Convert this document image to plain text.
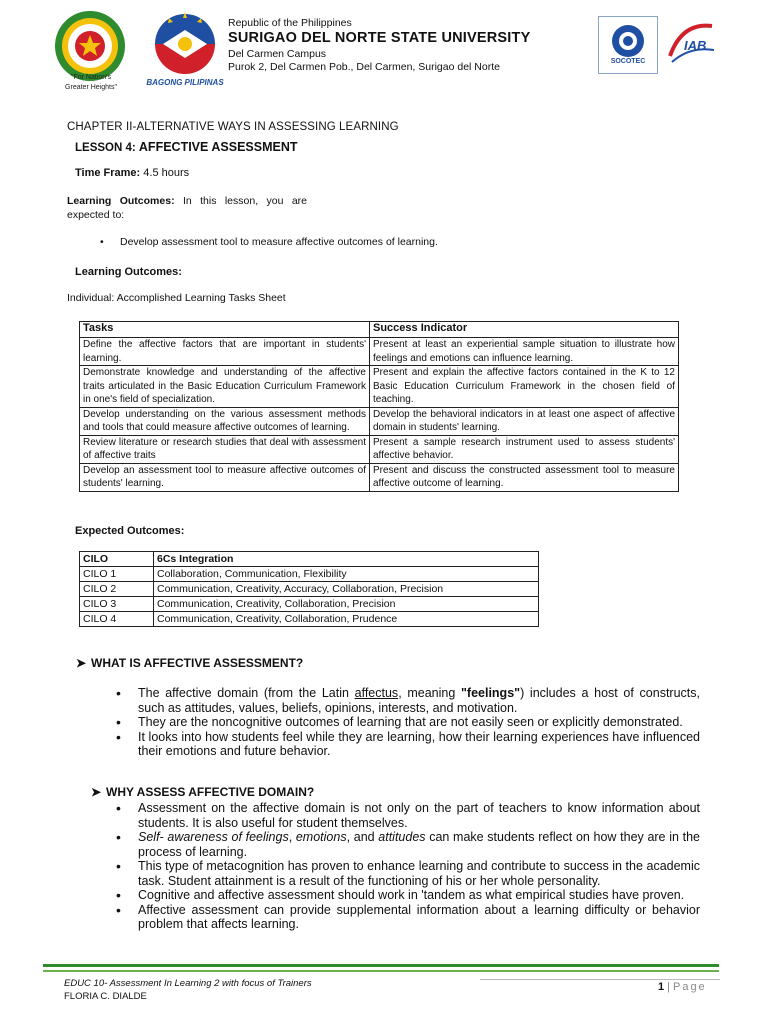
"For Nation's Greater Heights"
BAGONG PILIPINAS
Republic of the Philippines
SURIGAO DEL NORTE STATE UNIVERSITY
Del Carmen Campus
Purok 2, Del Carmen Pob., Del Carmen, Surigao del Norte	SOCOTEC
IAB
CHAPTER II-ALTERNATIVE WAYS IN ASSESSING LEARNING
LESSON 4: AFFECTIVE ASSESSMENT
Time Frame: 4.5 hours
Learning Outcomes: In this lesson, you are expected to:
• Develop assessment tool to measure affective outcomes of learning.
Learning Outcomes:
Individual: Accomplished Learning Tasks Sheet
Tasks	Success Indicator
Define the affective factors that are important in students' learning.	Present at least an experiential sample situation to illustrate how feelings and emotions can influence learning.
Demonstrate knowledge and understanding of the affective traits articulated in the Basic Education Curriculum Framework in one's field of specialization.	Present and explain the affective factors contained in the K to 12 Basic Education Curriculum Framework in the chosen field of teaching.
Develop understanding on the various assessment methods and tools that could measure affective outcomes of learning.	Develop the behavioral indicators in at least one aspect of affective domain in students' learning.
Review literature or research studies that deal with assessment of affective traits	Present a sample research instrument used to assess students' affective behavior.
Develop an assessment tool to measure affective outcomes of students' learning.	Present and discuss the constructed assessment tool to measure affective outcome of learning.
Expected Outcomes:
CILO	6Cs Integration
CILO 1	Collaboration, Communication, Flexibility
CILO 2	Communication, Creativity, Accuracy, Collaboration, Precision
CILO 3	Communication, Creativity, Collaboration, Precision
CILO 4	Communication, Creativity, Collaboration, Prudence
➤ WHAT IS AFFECTIVE ASSESSMENT?
• The affective domain (from the Latin affectus, meaning "feelings") includes a host of constructs, such as attitudes, values, beliefs, opinions, interests, and motivation.
• They are the noncognitive outcomes of learning that are not easily seen or explicitly demonstrated.
• It looks into how students feel while they are learning, how their learning experiences have influenced their emotions and future behavior.
➤ WHY ASSESS AFFECTIVE DOMAIN?
• Assessment on the affective domain is not only on the part of teachers to know information about students. It is also useful for student themselves.
• Self- awareness of feelings, emotions, and attitudes can make students reflect on how they are in the process of learning.
• This type of metacognition has proven to enhance learning and contribute to success in the academic task. Student attainment is a result of the functioning of his or her whole personality.
• Cognitive and affective assessment should work in 'tandem as what empirical studies have proven.
• Affective assessment can provide supplemental information about a learning difficulty or behavior problem that affects learning.
EDUC 10- Assessment In Learning 2 with focus of Trainers
FLORIA C. DIALDE
1 | Page
